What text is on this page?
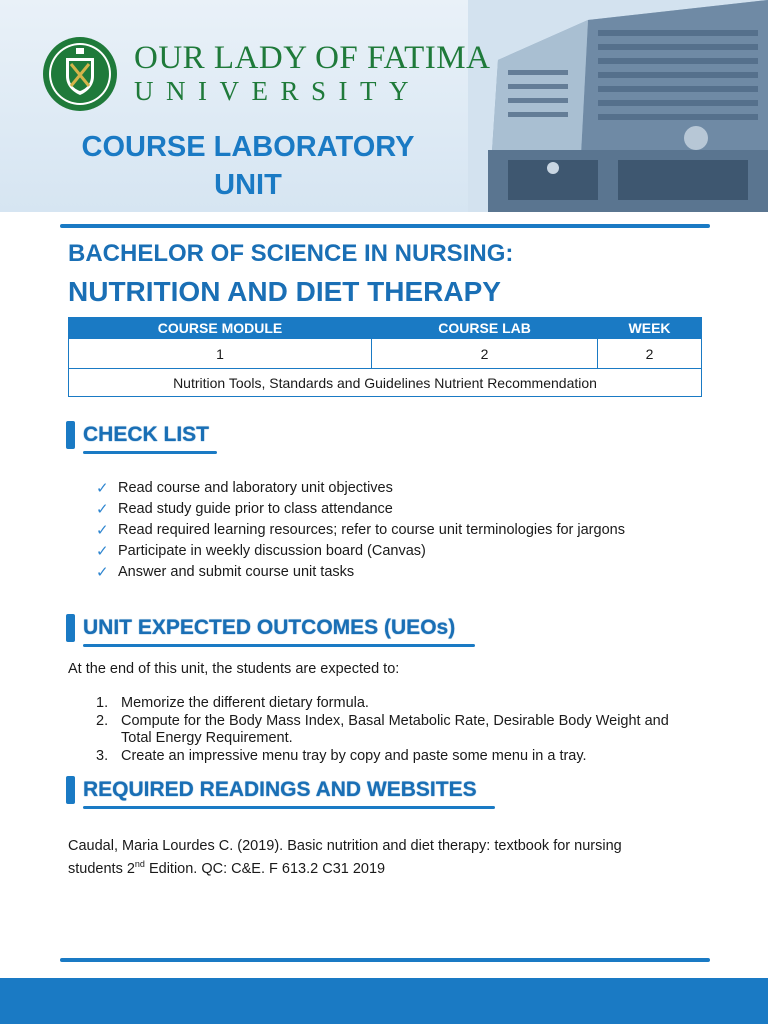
OUR LADY OF FATIMA
UNIVERSITY
COURSE LABORATORY UNIT
BACHELOR OF SCIENCE IN NURSING:
NUTRITION AND DIET THERAPY
COURSE MODULE	COURSE LAB	WEEK
1	2	2
Nutrition Tools, Standards and Guidelines Nutrient Recommendation		
CHECK LIST
✓ Read course and laboratory unit objectives
✓ Read study guide prior to class attendance
✓ Read required learning resources; refer to course unit terminologies for jargons
✓ Participate in weekly discussion board (Canvas)
✓ Answer and submit course unit tasks
UNIT EXPECTED OUTCOMES (UEOs)
At the end of this unit, the students are expected to:
1. Memorize the different dietary formula.
2. Compute for the Body Mass Index, Basal Metabolic Rate, Desirable Body Weight and Total Energy Requirement.
3. Create an impressive menu tray by copy and paste some menu in a tray.
REQUIRED READINGS AND WEBSITES
Caudal, Maria Lourdes C. (2019). Basic nutrition and diet therapy: textbook for nursing
students 2nd Edition. QC: C&E. F 613.2 C31 2019
